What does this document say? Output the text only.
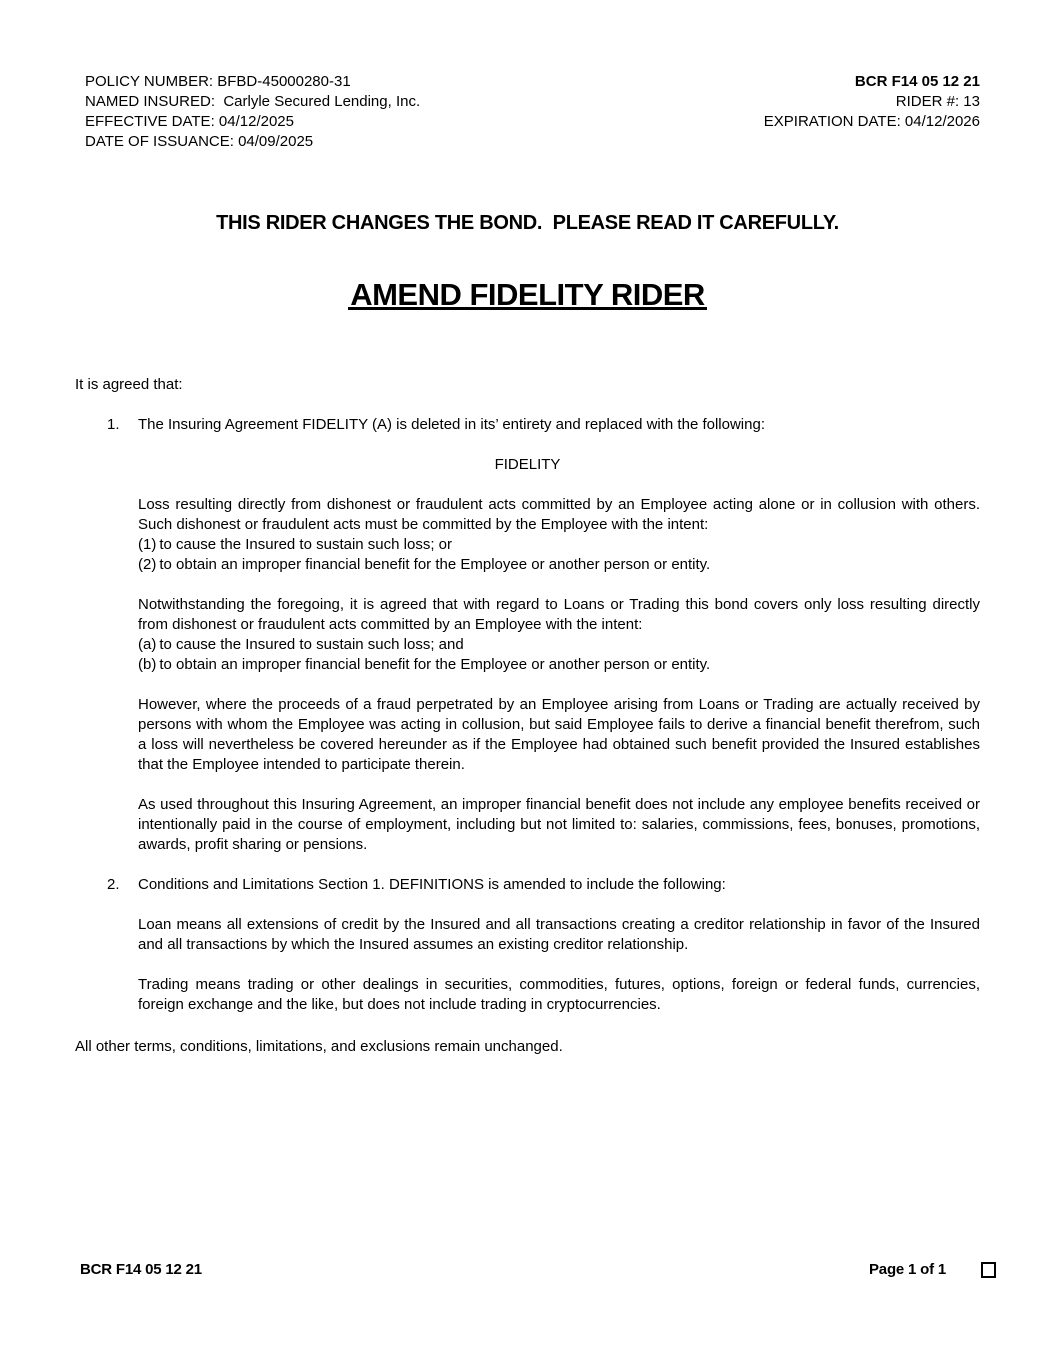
POLICY NUMBER: BFBD-45000280-31
NAMED INSURED:  Carlyle Secured Lending, Inc.
EFFECTIVE DATE: 04/12/2025
DATE OF ISSUANCE: 04/09/2025
BCR F14 05 12 21
RIDER #: 13
EXPIRATION DATE: 04/12/2026
THIS RIDER CHANGES THE BOND.  PLEASE READ IT CAREFULLY.
AMEND FIDELITY RIDER
It is agreed that:
1.	The Insuring Agreement FIDELITY (A) is deleted in its’ entirety and replaced with the following:
FIDELITY
Loss resulting directly from dishonest or fraudulent acts committed by an Employee acting alone or in collusion with others.  Such dishonest or fraudulent acts must be committed by the Employee with the intent:
(1) to cause the Insured to sustain such loss; or
(2) to obtain an improper financial benefit for the Employee or another person or entity.
Notwithstanding the foregoing, it is agreed that with regard to Loans or Trading this bond covers only loss resulting directly from dishonest or fraudulent acts committed by an Employee with the intent:
(a) to cause the Insured to sustain such loss; and
(b) to obtain an improper financial benefit for the Employee or another person or entity.
However, where the proceeds of a fraud perpetrated by an Employee arising from Loans or Trading are actually received by persons with whom the Employee was acting in collusion, but said Employee fails to derive a financial benefit therefrom, such a loss will nevertheless be covered hereunder as if the Employee had obtained such benefit provided the Insured establishes that the Employee intended to participate therein.
As used throughout this Insuring Agreement, an improper financial benefit does not include any employee benefits received or intentionally paid in the course of employment, including but not limited to: salaries, commissions, fees, bonuses, promotions, awards, profit sharing or pensions.
2.	Conditions and Limitations Section 1. DEFINITIONS is amended to include the following:
Loan means all extensions of credit by the Insured and all transactions creating a creditor relationship in favor of the Insured and all transactions by which the Insured assumes an existing creditor relationship.
Trading means trading or other dealings in securities, commodities, futures, options, foreign or federal funds, currencies, foreign exchange and the like, but does not include trading in cryptocurrencies.
All other terms, conditions, limitations, and exclusions remain unchanged.
BCR F14 05 12 21	Page 1 of 1
